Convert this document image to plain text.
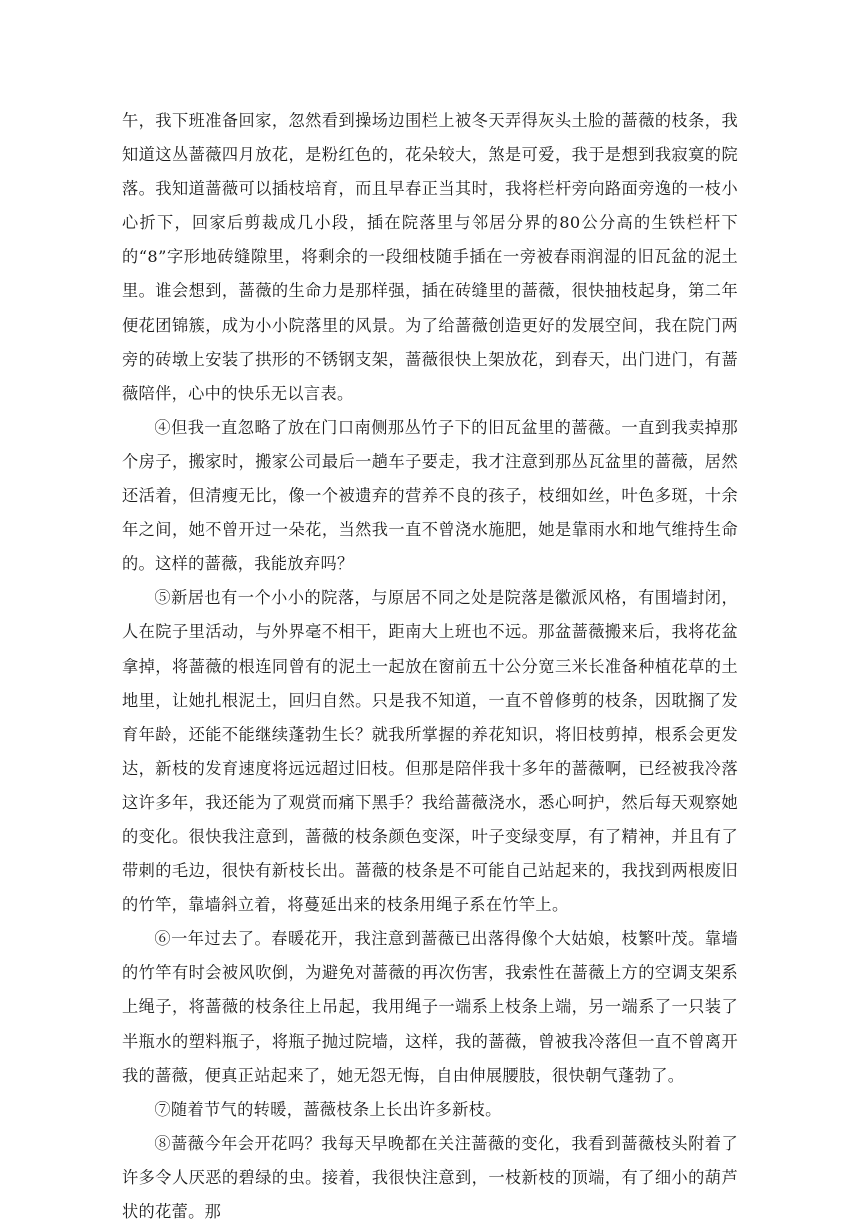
午，我下班准备回家，忽然看到操场边围栏上被冬天弄得灰头土脸的蔷薇的枝条，我知道这丛蔷薇四月放花，是粉红色的，花朵较大，煞是可爱，我于是想到我寂寞的院落。我知道蔷薇可以插枝培育，而且早春正当其时，我将栏杆旁向路面旁逸的一枝小心折下，回家后剪裁成几小段，插在院落里与邻居分界的80公分高的生铁栏杆下的“8”字形地砖缝隙里，将剩余的一段细枝随手插在一旁被春雨润湿的旧瓦盆的泥土里。谁会想到，蔷薇的生命力是那样强，插在砖缝里的蔷薇，很快抽枝起身，第二年便花团锦簇，成为小小院落里的风景。为了给蔷薇创造更好的发展空间，我在院门两旁的砖墩上安装了拱形的不锈钢支架，蔷薇很快上架放花，到春天，出门进门，有蔷薇陪伴，心中的快乐无以言表。

④但我一直忽略了放在门口南侧那丛竹子下的旧瓦盆里的蔷薇。一直到我卖掉那个房子，搬家时，搬家公司最后一趟车子要走，我才注意到那丛瓦盆里的蔷薇，居然还活着，但清瘦无比，像一个被遗弃的营养不良的孩子，枝细如丝，叶色多斑，十余年之间，她不曾开过一朵花，当然我一直不曾浇水施肥，她是靠雨水和地气维持生命的。这样的蔷薇，我能放弃吗？

⑤新居也有一个小小的院落，与原居不同之处是院落是徽派风格，有围墙封闭，人在院子里活动，与外界毫不相干，距南大上班也不远。那盆蔷薇搬来后，我将花盆拿掉，将蔷薇的根连同曾有的泥土一起放在窗前五十公分宽三米长准备种植花草的土地里，让她扎根泥土，回归自然。只是我不知道，一直不曾修剪的枝条，因耽搁了发育年龄，还能不能继续蓬勃生长？就我所掌握的养花知识，将旧枝剪掉，根系会更发达，新枝的发育速度将远远超过旧枝。但那是陪伴我十多年的蔷薇啊，已经被我冷落这许多年，我还能为了观赏而痛下黑手？我给蔷薇浇水，悉心呵护，然后每天观察她的变化。很快我注意到，蔷薇的枝条颜色变深，叶子变绿变厚，有了精神，并且有了带刺的毛边，很快有新枝长出。蔷薇的枝条是不可能自己站起来的，我找到两根废旧的竹竿，靠墙斜立着，将蔓延出来的枝条用绳子系在竹竿上。

⑥一年过去了。春暖花开，我注意到蔷薇已出落得像个大姑娘，枝繁叶茂。靠墙的竹竿有时会被风吹倒，为避免对蔷薇的再次伤害，我索性在蔷薇上方的空调支架系上绳子，将蔷薇的枝条往上吊起，我用绳子一端系上枝条上端，另一端系了一只装了半瓶水的塑料瓶子，将瓶子抛过院墙，这样，我的蔷薇，曾被我冷落但一直不曾离开我的蔷薇，便真正站起来了，她无怨无悔，自由伸展腰肢，很快朝气蓬勃了。

⑦随着节气的转暖，蔷薇枝条上长出许多新枝。

⑧蔷薇今年会开花吗？我每天早晚都在关注蔷薇的变化，我看到蔷薇枝头附着了许多令人厌恶的碧绿的虫。接着，我很快注意到，一枝新枝的顶端，有了细小的葫芦状的花蕾。那
